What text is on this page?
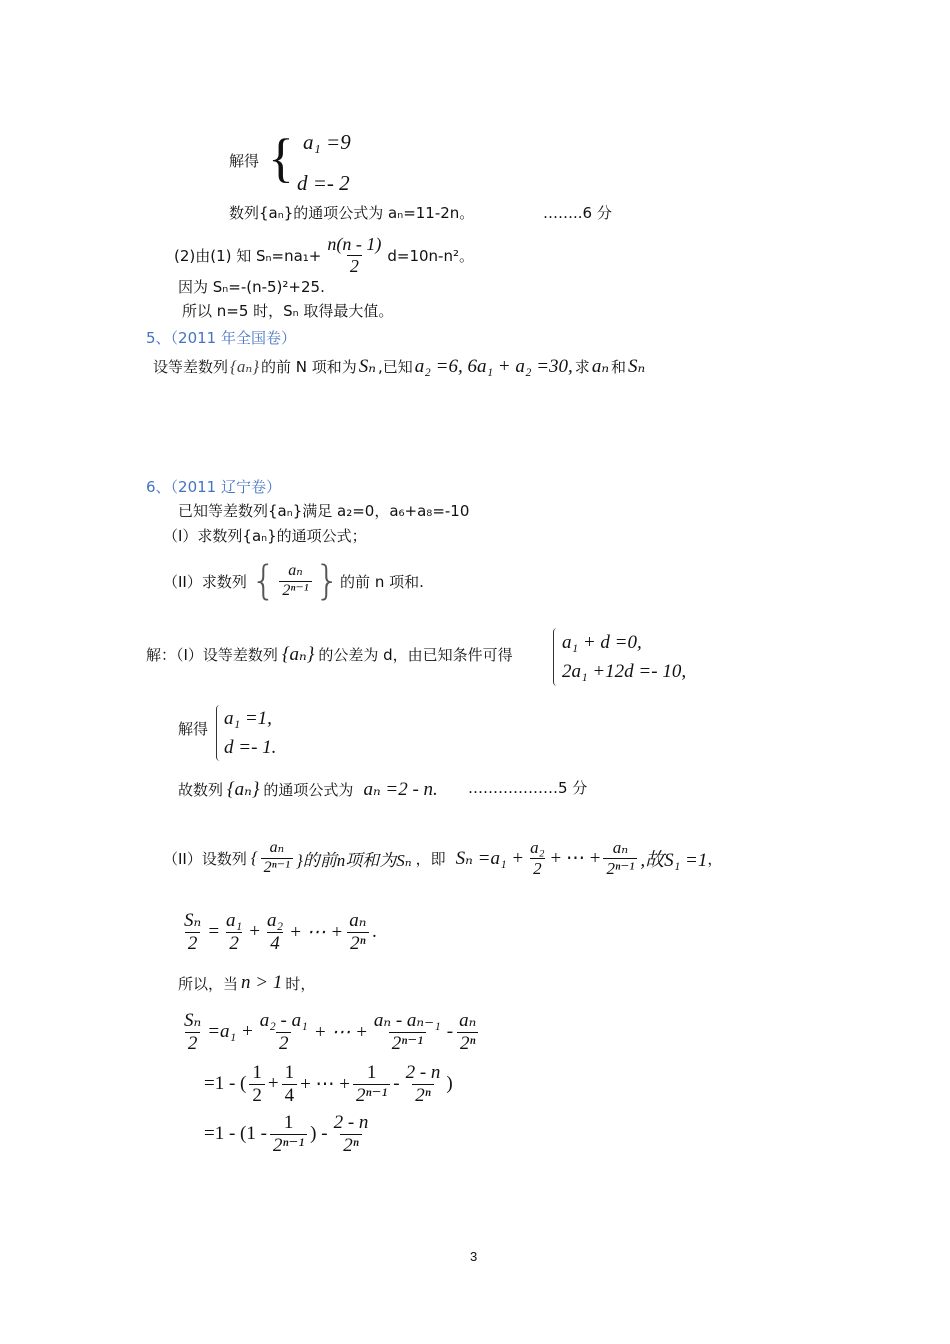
解得 { a₁ =9
d =- 2
数列{aₙ}的通项公式为 aₙ=11-2n。	……..6 分
(2)由(1) 知 $S_n=na_1+ \frac{n(n - 1)}{2} d=10n-n^2$。
因为 Sₙ=-(n-5)²+25.
所以 n=5 时，Sₙ 取得最大值。
5、（2011 年全国卷）
设等差数列 {aₙ} 的前 N 项和为 Sₙ ,已知 a₂ =6, 6a₁ + a₂ =30, 求 aₙ 和 Sₙ
6、（2011 辽宁卷）
已知等差数列{aₙ}满足 a₂=0，a₆+a₈=-10
（I）求数列{aₙ}的通项公式；
（II）求数列 { $\frac{\text{aₙ}}{\text{2ⁿ⁻¹}}$ } 的前 n 项和.
解：（I）设等差数列 {aₙ} 的公差为 d，由已知条件可得
a₁ + d =0,
2a₁ +12d =- 10,
解得 a₁ =1,
d =- 1.
故数列 {aₙ} 的通项公式为 aₙ =2 - n. ………………5 分
（II）设数列 { $\frac{\text{aₙ}}{\text{2ⁿ⁻¹}}$ }的前n项和为Sₙ ，即 $S_n =a_1 + \frac{\text{a₂}}{2}$ + ⋯ + $\frac{\text{aₙ}}{\text{2ⁿ⁻¹}}$ ,故S₁ =1 ，
$\frac{\text{Sₙ}}{2} = \frac{\text{a₁}}{2} + \frac{\text{a₂}}{4}$ + ⋯ + $\frac{\text{aₙ}}{\text{2ⁿ}}$ .
所以，当 n > 1 时，
$\frac{\text{Sₙ}}{2} =a_1 + \frac{\text{a₂ - a₁}}{2}$ + ⋯ + $\frac{\text{aₙ - aₙ₋₁}}{\text{2ⁿ⁻¹}} - \frac{\text{aₙ}}{\text{2ⁿ}}$
=1 - ( $\frac{1}{2} + \frac{1}{4}$ + ⋯ + $\frac{1}{\text{2ⁿ⁻¹}} - \frac{2 - n}{\text{2ⁿ}}$ )
$=1 - (1 - \frac{1}{\text{2ⁿ⁻¹}}$ ) - $\frac{2 - n}{\text{2ⁿ}}$
3
